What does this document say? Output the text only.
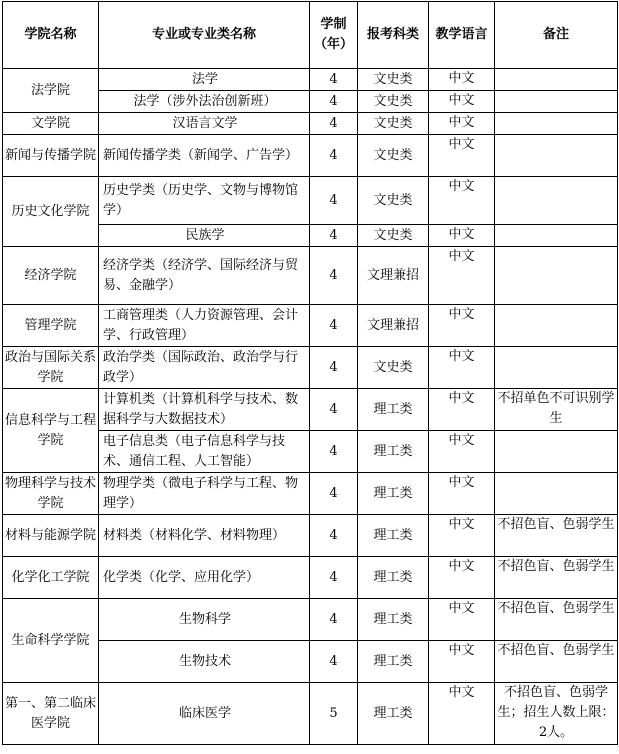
学院名称	专业或专业类名称	学制（年）	报考科类	教学语言	备注
法学院	法学	4	文史类	中文	
	法学（涉外法治创新班）	4	文史类	中文	
文学院	汉语言文学	4	文史类	中文	
新闻与传播学院	新闻传播学类（新闻学、广告学）	4	文史类	中文	
历史文化学院	历史学类（历史学、文物与博物馆学）	4	文史类	中文	
	民族学	4	文史类	中文	
经济学院	经济学类（经济学、国际经济与贸易、金融学）	4	文理兼招	中文	
管理学院	工商管理类（人力资源管理、会计学、行政管理）	4	文理兼招	中文	
政治与国际关系学院	政治学类（国际政治、政治学与行政学）	4	文史类	中文	
信息科学与工程学院	计算机类（计算机科学与技术、数据科学与大数据技术）	4	理工类	中文	不招单色不可识别学生
	电子信息类（电子信息科学与技术、通信工程、人工智能）	4	理工类	中文	
物理科学与技术学院	物理学类（微电子科学与工程、物理学）	4	理工类	中文	
材料与能源学院	材料类（材料化学、材料物理）	4	理工类	中文	不招色盲、色弱学生
化学化工学院	化学类（化学、应用化学）	4	理工类	中文	不招色盲、色弱学生
生命科学学院	生物科学	4	理工类	中文	不招色盲、色弱学生
	生物技术	4	理工类	中文	不招色盲、色弱学生
第一、第二临床医学院	临床医学	5	理工类	中文	不招色盲、色弱学生；招生人数上限：2人。
